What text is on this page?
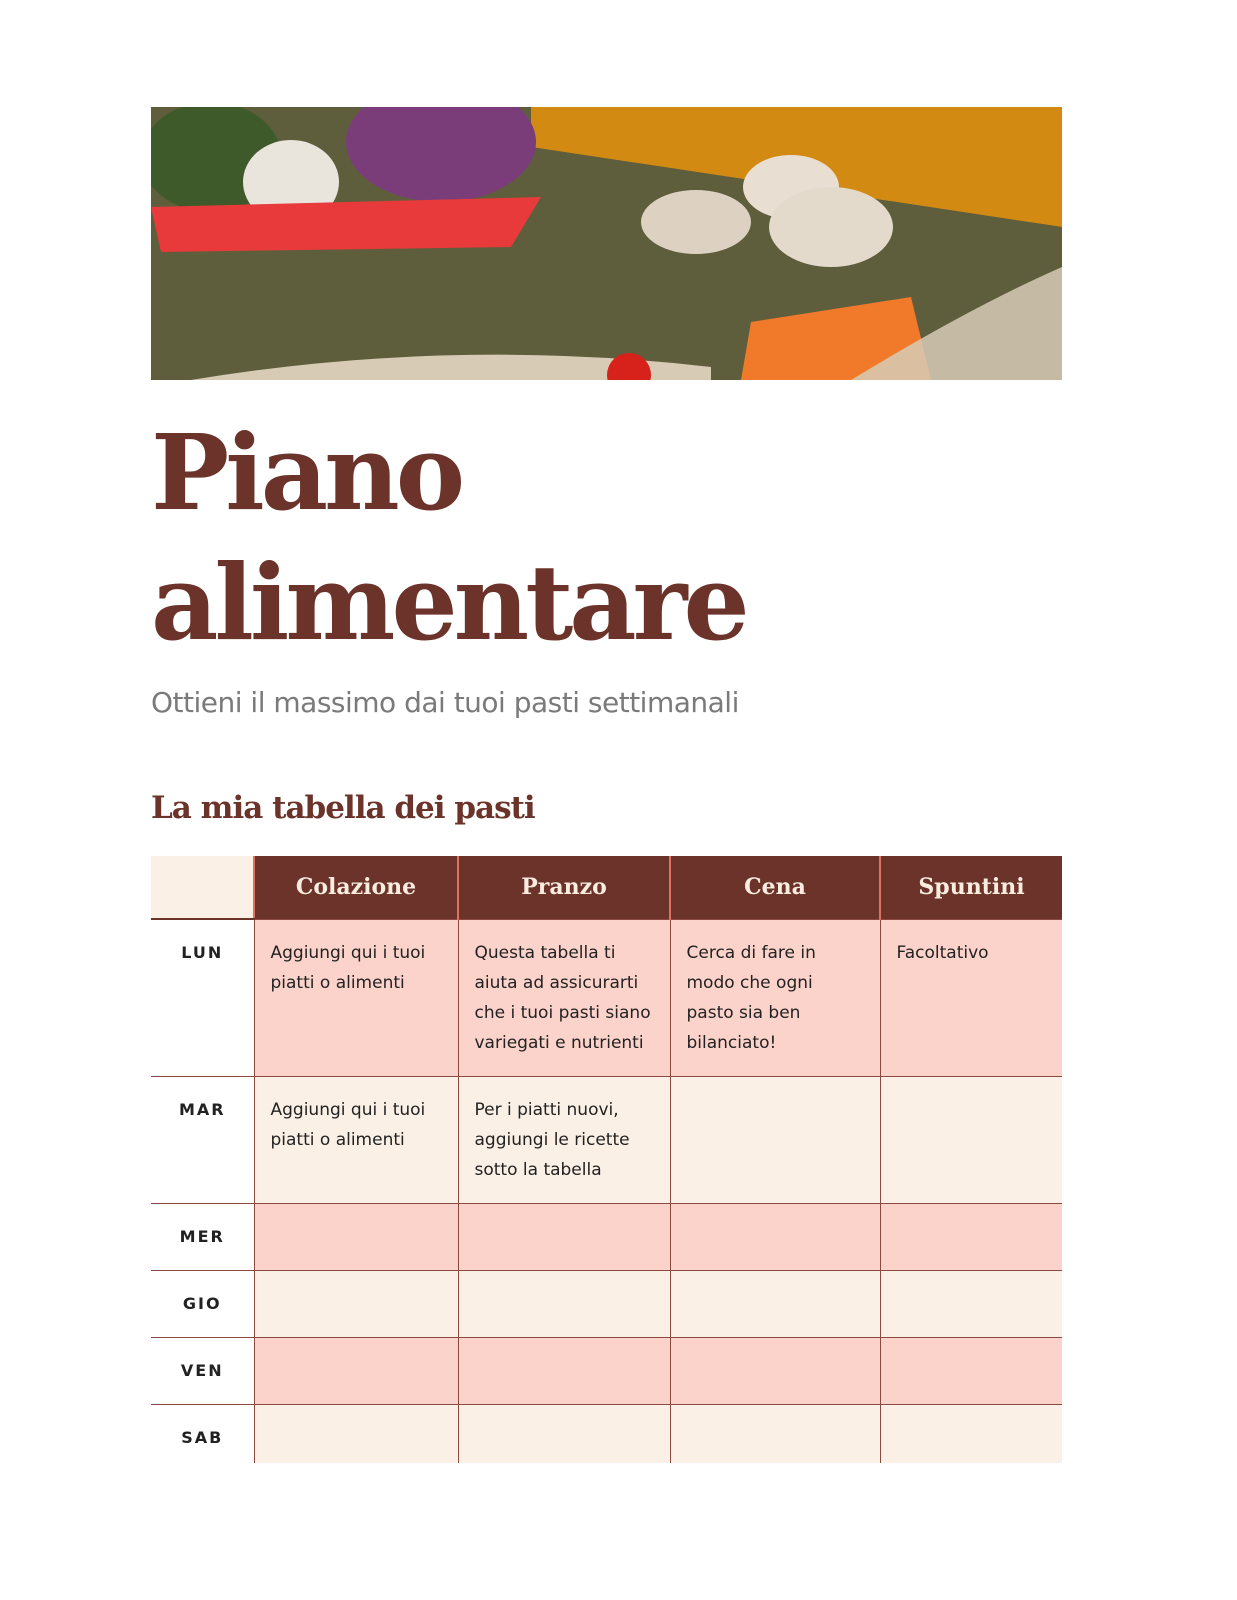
Piano
alimentare
Ottieni il massimo dai tuoi pasti settimanali
La mia tabella dei pasti
	Colazione	Pranzo	Cena	Spuntini
LUN	Aggiungi qui i tuoi piatti o alimenti	Questa tabella ti aiuta ad assicurarti che i tuoi pasti siano variegati e nutrienti	Cerca di fare in modo che ogni pasto sia ben bilanciato!	Facoltativo
MAR	Aggiungi qui i tuoi piatti o alimenti	Per i piatti nuovi, aggiungi le ricette sotto la tabella		
MER				
GIO				
VEN				
SAB				
